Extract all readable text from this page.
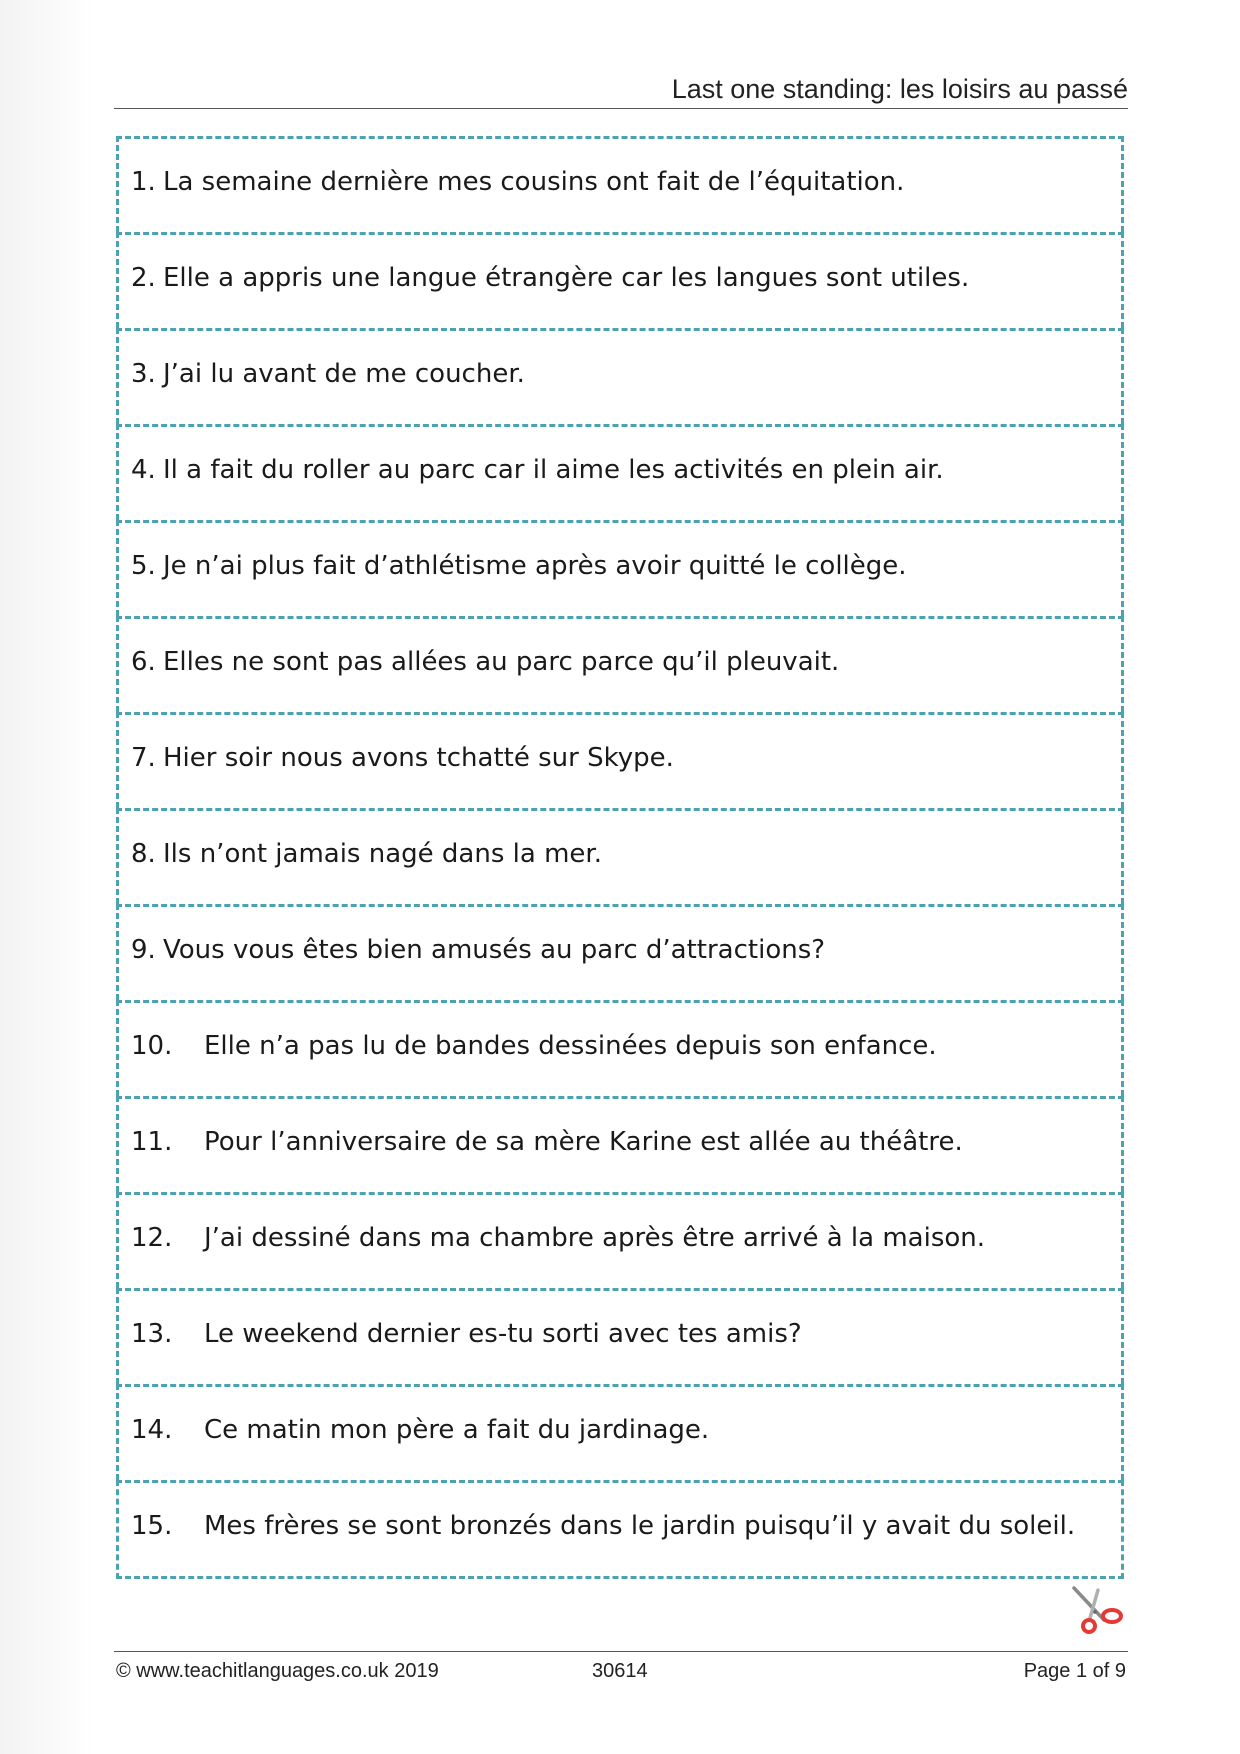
Last one standing: les loisirs au passé
1. La semaine dernière mes cousins ont fait de l’équitation.
2. Elle a appris une langue étrangère car les langues sont utiles.
3. J’ai lu avant de me coucher.
4. Il a fait du roller au parc car il aime les activités en plein air.
5. Je n’ai plus fait d’athlétisme après avoir quitté le collège.
6. Elles ne sont pas allées au parc parce qu’il pleuvait.
7. Hier soir nous avons tchatté sur Skype.
8. Ils n’ont jamais nagé dans la mer.
9. Vous vous êtes bien amusés au parc d’attractions?
10. Elle n’a pas lu de bandes dessinées depuis son enfance.
11. Pour l’anniversaire de sa mère Karine est allée au théâtre.
12. J’ai dessiné dans ma chambre après être arrivé à la maison.
13. Le weekend dernier es-tu sorti avec tes amis?
14. Ce matin mon père a fait du jardinage.
15. Mes frères se sont bronzés dans le jardin puisqu’il y avait du soleil.
© www.teachitlanguages.co.uk 2019	30614	Page 1 of 9
